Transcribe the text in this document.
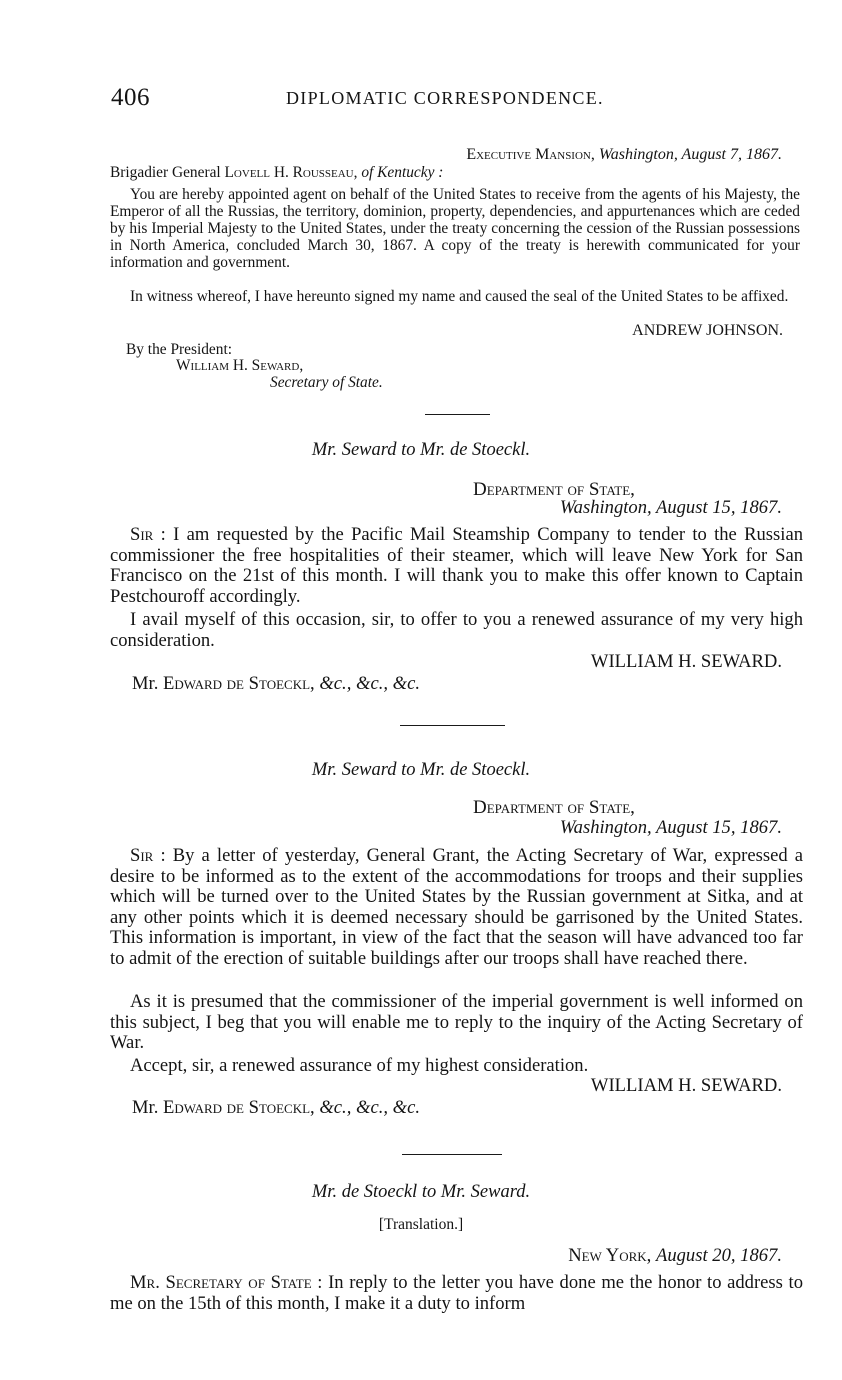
406	DIPLOMATIC CORRESPONDENCE.
Executive Mansion, Washington, August 7, 1867.
Brigadier General Lovell H. Rousseau, of Kentucky :
You are hereby appointed agent on behalf of the United States to receive from the agents of his Majesty, the Emperor of all the Russias, the territory, dominion, property, dependencies, and appurtenances which are ceded by his Imperial Majesty to the United States, under the treaty concerning the cession of the Russian possessions in North America, concluded March 30, 1867. A copy of the treaty is herewith communicated for your information and government.
In witness whereof, I have hereunto signed my name and caused the seal of the United States to be affixed.
ANDREW JOHNSON.
By the President:
William H. Seward,
Secretary of State.
Mr. Seward to Mr. de Stoeckl.
Department of State,
Washington, August 15, 1867.
Sir : I am requested by the Pacific Mail Steamship Company to tender to the Russian commissioner the free hospitalities of their steamer, which will leave New York for San Francisco on the 21st of this month. I will thank you to make this offer known to Captain Pestchouroff accordingly.
I avail myself of this occasion, sir, to offer to you a renewed assurance of my very high consideration.
WILLIAM H. SEWARD.
Mr. Edward de Stoeckl, &c., &c., &c.
Mr. Seward to Mr. de Stoeckl.
Department of State,
Washington, August 15, 1867.
Sir : By a letter of yesterday, General Grant, the Acting Secretary of War, expressed a desire to be informed as to the extent of the accommodations for troops and their supplies which will be turned over to the United States by the Russian government at Sitka, and at any other points which it is deemed necessary should be garrisoned by the United States. This information is important, in view of the fact that the season will have advanced too far to admit of the erection of suitable buildings after our troops shall have reached there.
As it is presumed that the commissioner of the imperial government is well informed on this subject, I beg that you will enable me to reply to the inquiry of the Acting Secretary of War.
Accept, sir, a renewed assurance of my highest consideration.
WILLIAM H. SEWARD.
Mr. Edward de Stoeckl, &c., &c., &c.
Mr. de Stoeckl to Mr. Seward.
[Translation.]
New York, August 20, 1867.
Mr. Secretary of State : In reply to the letter you have done me the honor to address to me on the 15th of this month, I make it a duty to inform
